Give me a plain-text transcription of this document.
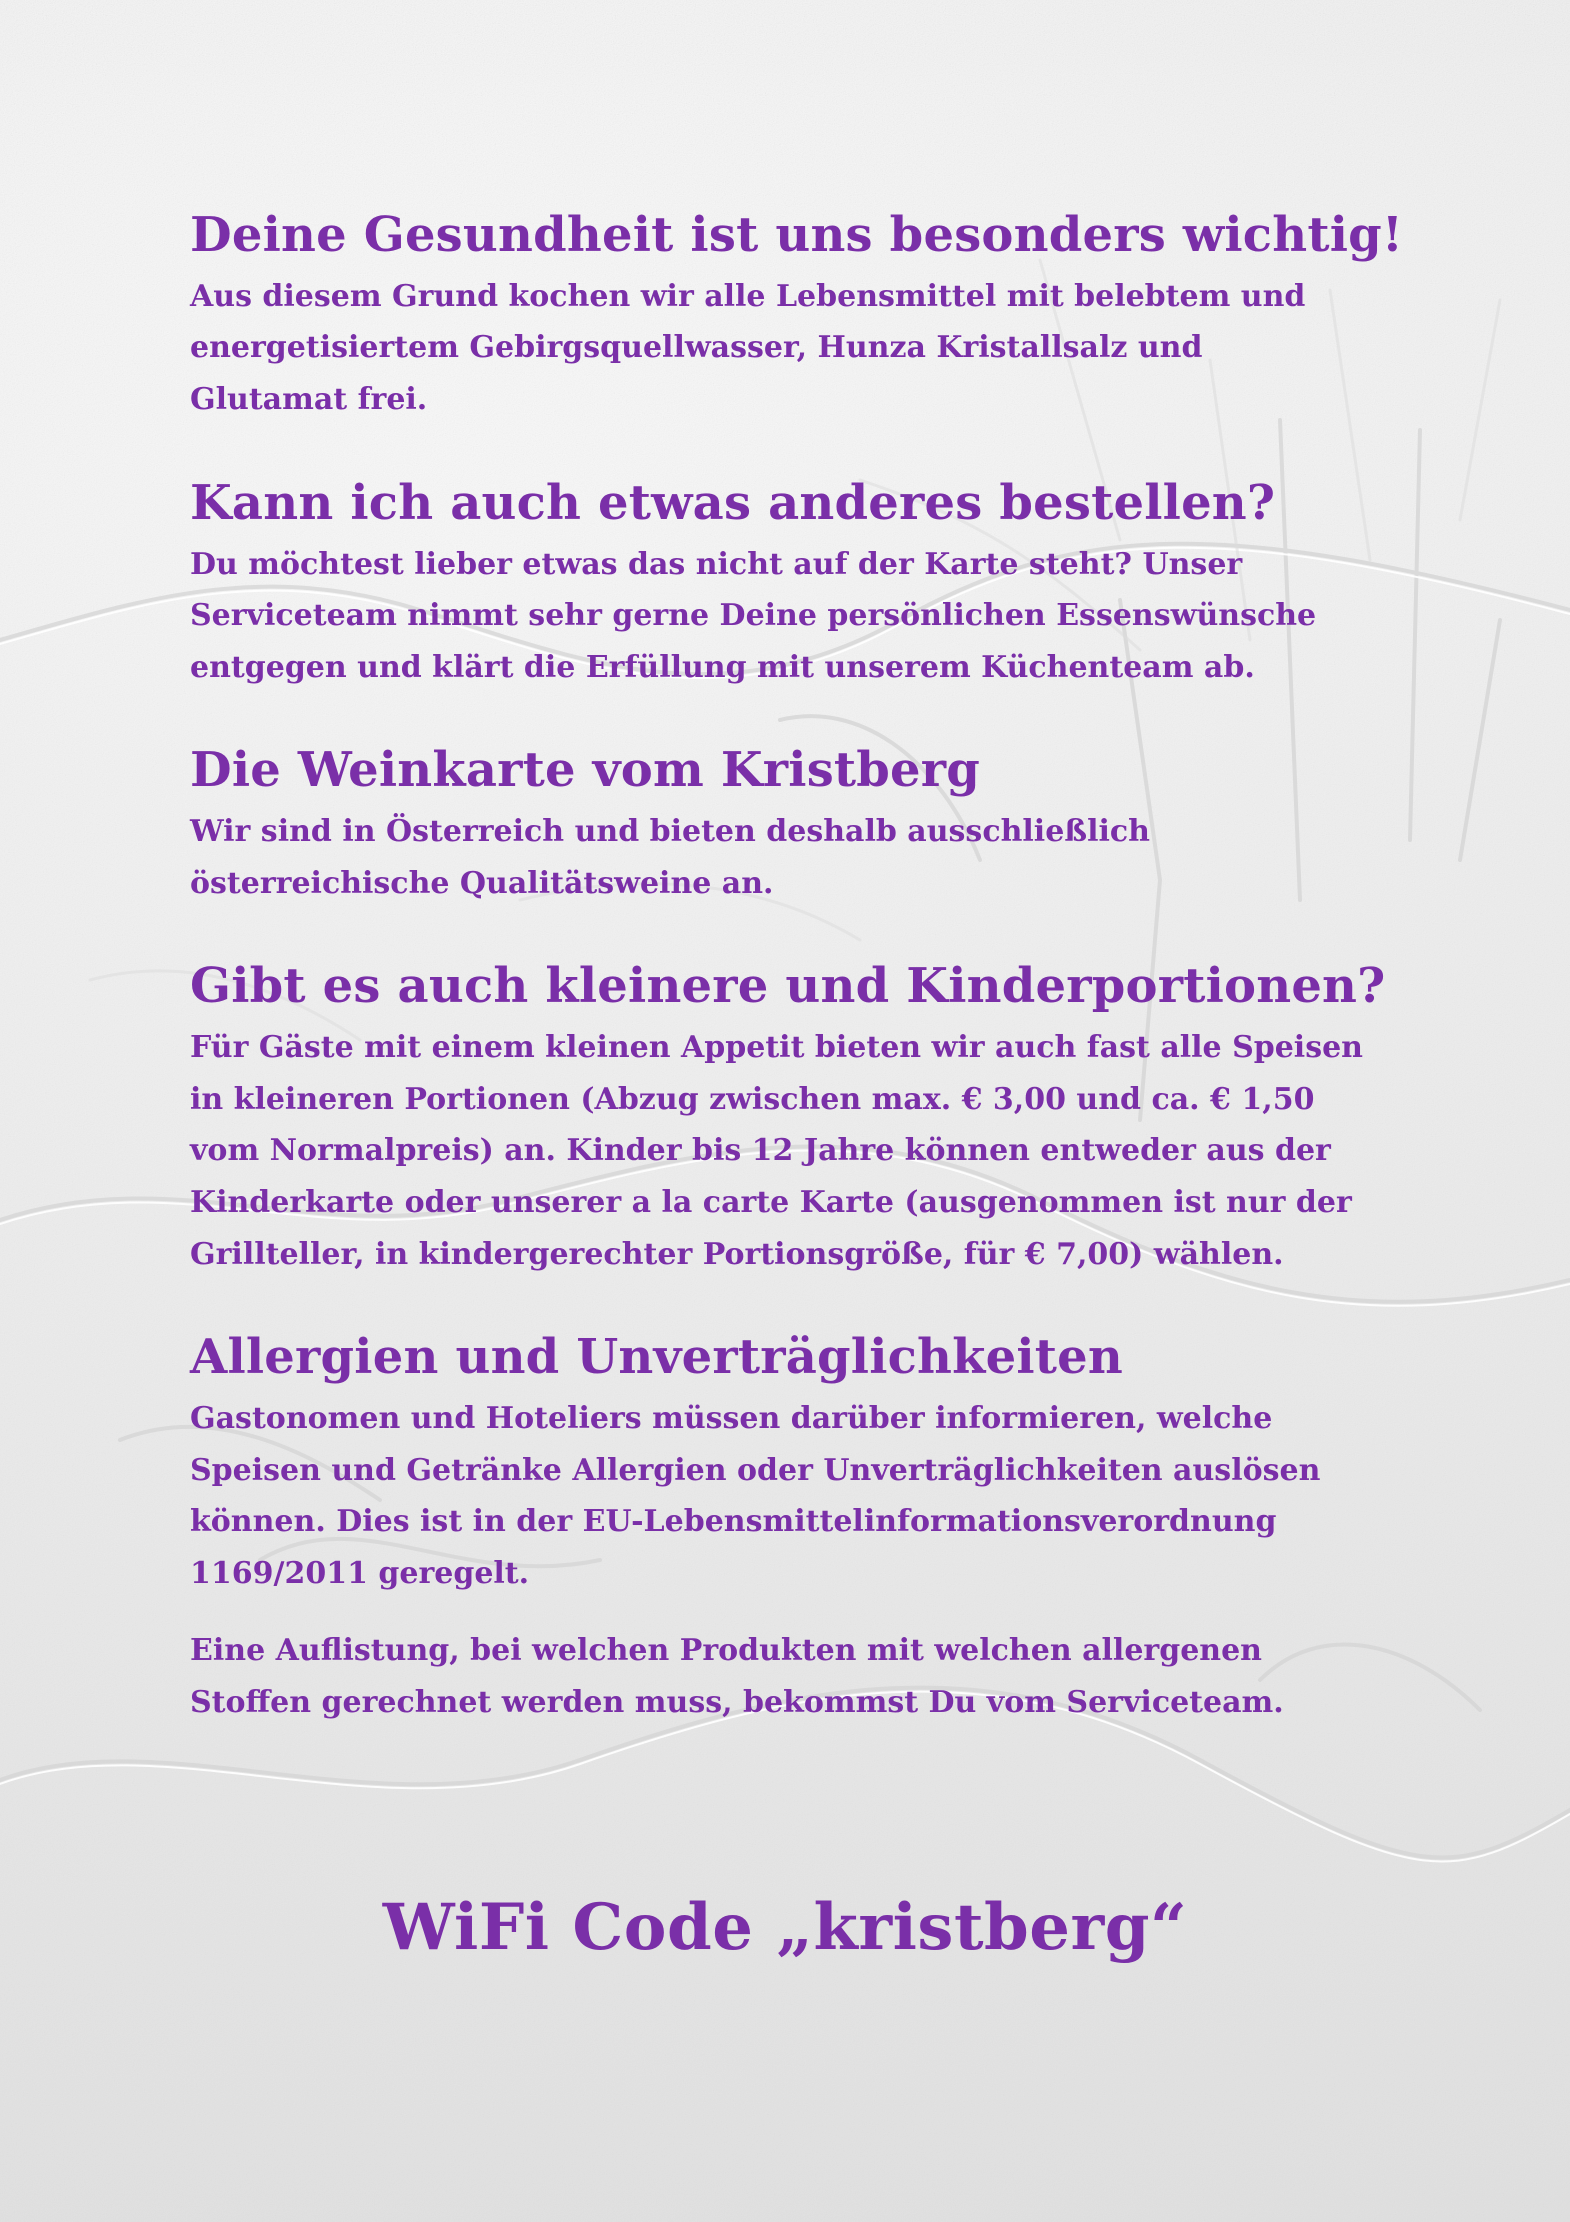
Deine Gesundheit ist uns besonders wichtig!

Aus diesem Grund kochen wir alle Lebensmittel mit belebtem und energetisiertem Gebirgsquellwasser, Hunza Kristallsalz und Glutamat frei.

Kann ich auch etwas anderes bestellen?

Du möchtest lieber etwas das nicht auf der Karte steht? Unser Serviceteam nimmt sehr gerne Deine persönlichen Essenswünsche entgegen und klärt die Erfüllung mit unserem Küchenteam ab.

Die Weinkarte vom Kristberg

Wir sind in Österreich und bieten deshalb ausschließlich österreichische Qualitätsweine an.

Gibt es auch kleinere und Kinderportionen?

Für Gäste mit einem kleinen Appetit bieten wir auch fast alle Speisen in kleineren Portionen (Abzug zwischen max. € 3,00 und ca. € 1,50 vom Normalpreis) an. Kinder bis 12 Jahre können entweder aus der Kinderkarte oder unserer a la carte Karte (ausgenommen ist nur der Grillteller, in kindergerechter Portionsgröße, für € 7,00) wählen.

Allergien und Unverträglichkeiten

Gastonomen und Hoteliers müssen darüber informieren, welche Speisen und Getränke Allergien oder Unverträglichkeiten auslösen können. Dies ist in der EU-Lebensmittelinformationsverordnung 1169/2011 geregelt.

Eine Auflistung, bei welchen Produkten mit welchen allergenen Stoffen gerechnet werden muss, bekommst Du vom Serviceteam.

WiFi Code „kristberg“
